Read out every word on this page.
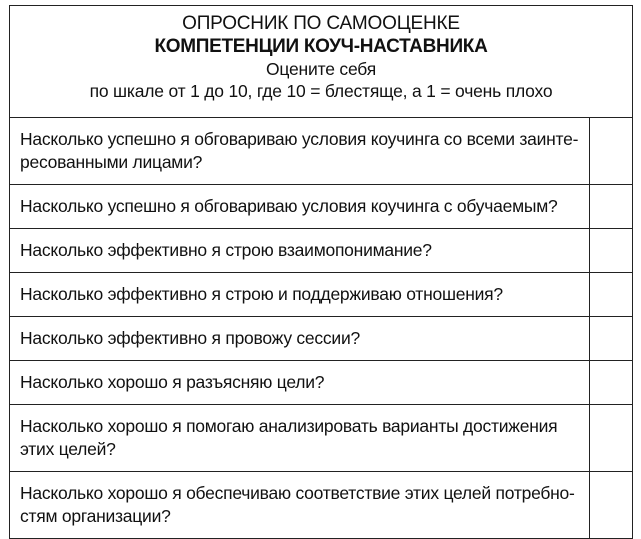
ОПРОСНИК ПО САМООЦЕНКЕ
КОМПЕТЕНЦИИ КОУЧ-НАСТАВНИКА
Оцените себя
по шкале от 1 до 10, где 10 = блестяще, а 1 = очень плохо
Насколько успешно я обговариваю условия коучинга со всеми заинте-ресованными лицами?	
Насколько успешно я обговариваю условия коучинга с обучаемым?	
Насколько эффективно я строю взаимопонимание?	
Насколько эффективно я строю и поддерживаю отношения?	
Насколько эффективно я провожу сессии?	
Насколько хорошо я разъясняю цели?	
Насколько хорошо я помогаю анализировать варианты достижения этих целей?	
Насколько хорошо я обеспечиваю соответствие этих целей потребно-стям организации?	
